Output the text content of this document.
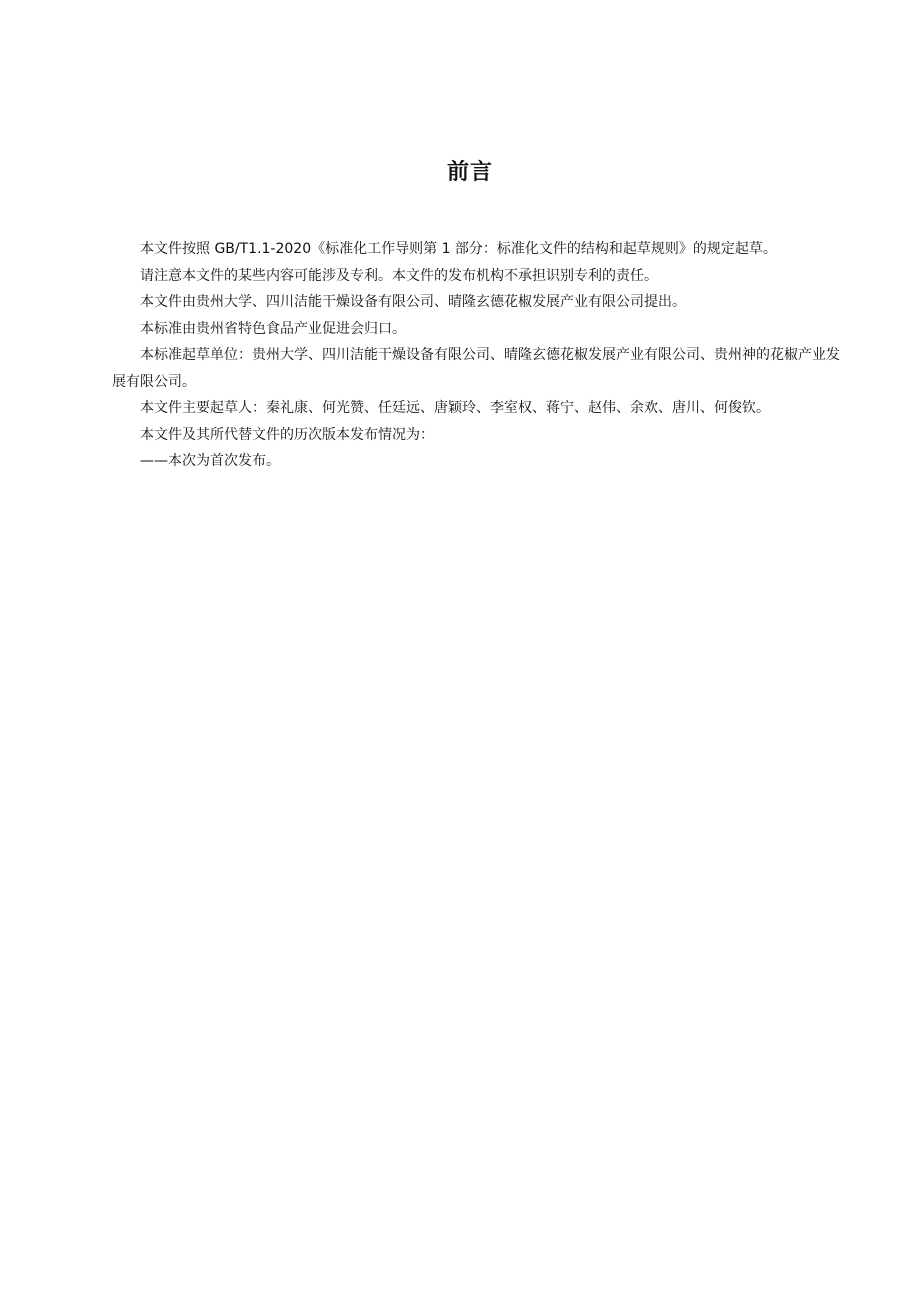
前言

本文件按照 GB/T1.1-2020《标准化工作导则第 1 部分：标准化文件的结构和起草规则》的规定起草。

请注意本文件的某些内容可能涉及专利。本文件的发布机构不承担识别专利的责任。

本文件由贵州大学、四川洁能干燥设备有限公司、晴隆玄德花椒发展产业有限公司提出。

本标准由贵州省特色食品产业促进会归口。

本标准起草单位：贵州大学、四川洁能干燥设备有限公司、晴隆玄德花椒发展产业有限公司、贵州神的花椒产业发展有限公司。

本文件主要起草人：秦礼康、何光赞、任廷远、唐颖玲、李室权、蒋宁、赵伟、余欢、唐川、何俊钦。

本文件及其所代替文件的历次版本发布情况为：

——本次为首次发布。
